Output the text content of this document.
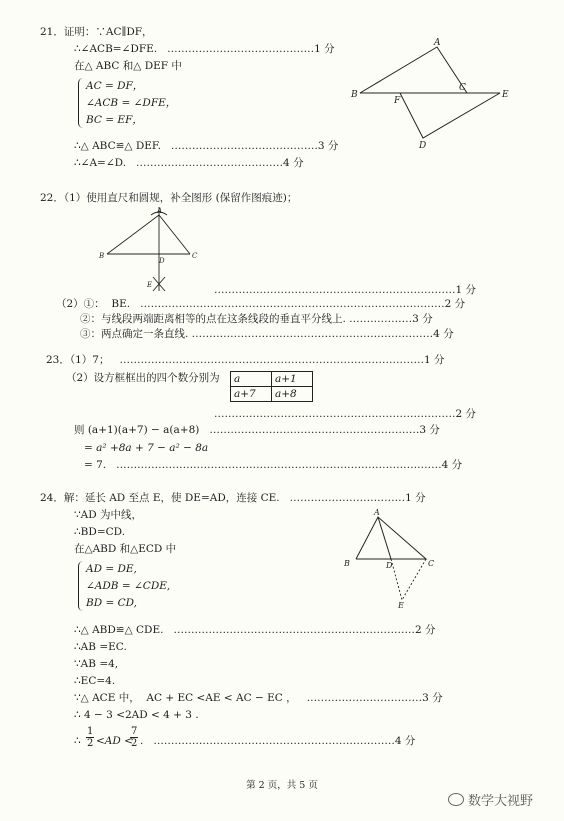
21．证明：∵AC∥DF，
∴∠ACB=∠DFE.   ……………………………………1 分
在△ ABC 和△ DEF 中
AC = DF，
∠ACB = ∠DFE，
BC = EF，
∴△ ABC≌△ DEF.   ……………………………………3 分
∴∠A=∠D.   ……………………………………4 分
A
B
C
D
E
F
22．（1）使用直尺和圆规，补全图形 (保留作图痕迹)；
A
B	C
D
E	……………………………………………………………1 分
（2）①：  BE.   ……………………………………………………………………………2 分
②：与线段两端距离相等的点在这条线段的垂直平分线上. ………………3 分
③：两点确定一条直线. ……………………………………………………………4 分
23．（1）7；   ……………………………………………………………………………1 分
（2）设方框框出的四个数分别为 a	a+1
a+7	a+8
……………………………………………………………2 分
则 (a+1)(a+7) − a(a+8)   ……………………………………………………3 分
= a² +8a + 7 − a² − 8a
= 7.   …………………………………………………………………………………4 分
24．解：延长 AD 至点 E，使 DE=AD，连接 CE.   ……………………………1 分
∵AD 为中线，
∴BD=CD.
在△ABD 和△ECD 中
AD = DE,
∠ADB = ∠CDE,
BD = CD,
∴△ ABD≌△ CDE.   ……………………………………………………………2 分
∴AB =EC.
∵AB =4,
∴EC=4.
∵△ ACE 中，  AC + EC <AE < AC − EC ，   ……………………………3 分
∴ 4 − 3 <2AD < 4 + 3 .
∴ $\frac{1}{2} <AD$ <
$\frac{7}{2}$ .   ……………………………………………………………4 分
A
B	C
D
E
第 2 页，共 5 页
数学大视野
